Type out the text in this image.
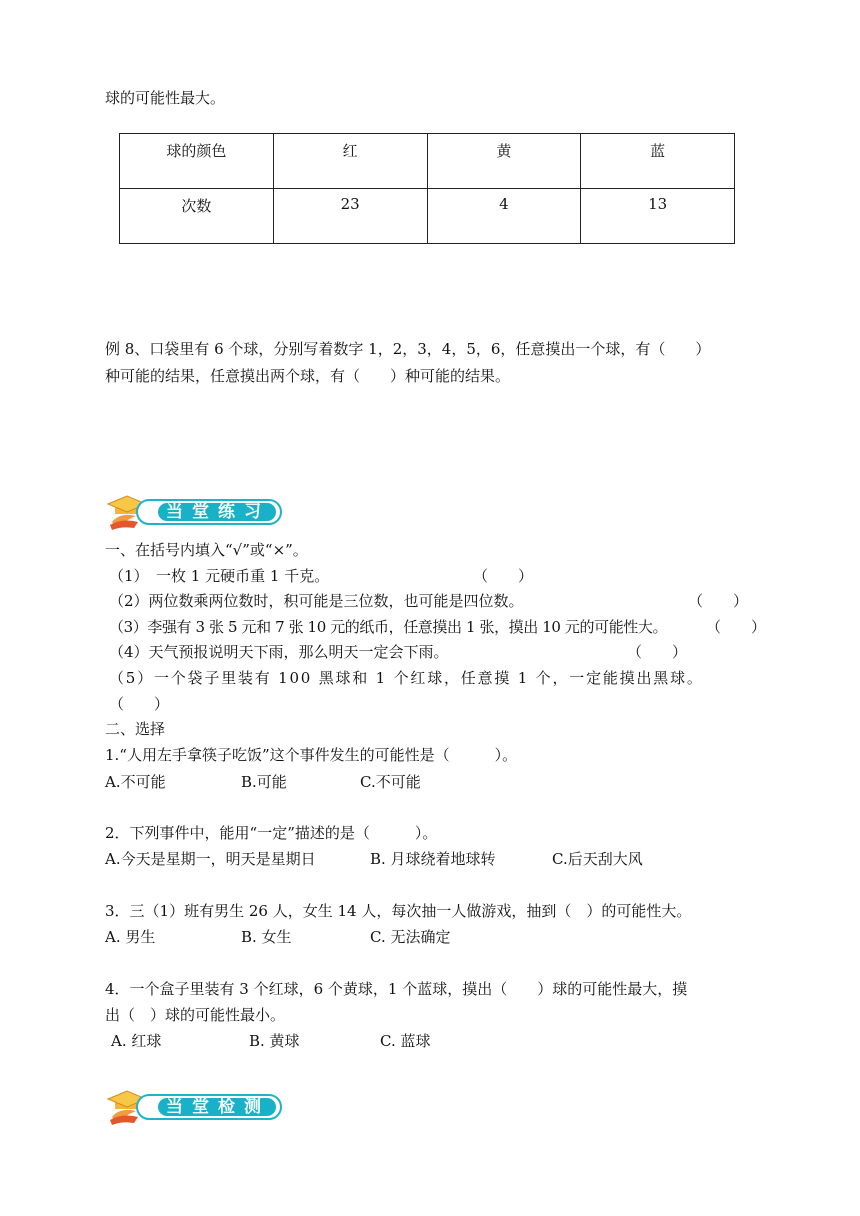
球的可能性最大。
球的颜色	红	黄	蓝
次数	23	4	13
例 8、口袋里有 6 个球，分别写着数字 1，2，3，4，5，6，任意摸出一个球，有（　　）
种可能的结果，任意摸出两个球，有（　　）种可能的结果。
当堂练习
一、在括号内填入“√”或“×”。
（1）　一枚 1 元硬币重 1 千克。	（　　）
（2）两位数乘两位数时，积可能是三位数，也可能是四位数。	（　　）
（3）李强有 3 张 5 元和 7 张 10 元的纸币，任意摸出 1 张，摸出 10 元的可能性大。	（　　）
（4）天气预报说明天下雨，那么明天一定会下雨。	（　　）
（5）一个袋子里装有 100 黑球和 1 个红球，任意摸 1 个，一定能摸出黑球。
（　　）
二、选择
1.“人用左手拿筷子吃饭”这个事件发生的可能性是（　　　）。
A.不可能	B.可能	C.不可能
2．下列事件中，能用“一定”描述的是（　　　）。
A.今天是星期一，明天是星期日	B. 月球绕着地球转	C.后天刮大风
3．三（1）班有男生 26 人，女生 14 人，每次抽一人做游戏，抽到（　）的可能性大。
A. 男生	B. 女生	C. 无法确定
4．一个盒子里装有 3 个红球，6 个黄球，1 个蓝球，摸出（　　）球的可能性最大，摸
出（　）球的可能性最小。
A. 红球	B. 黄球	C. 蓝球
当堂检测
